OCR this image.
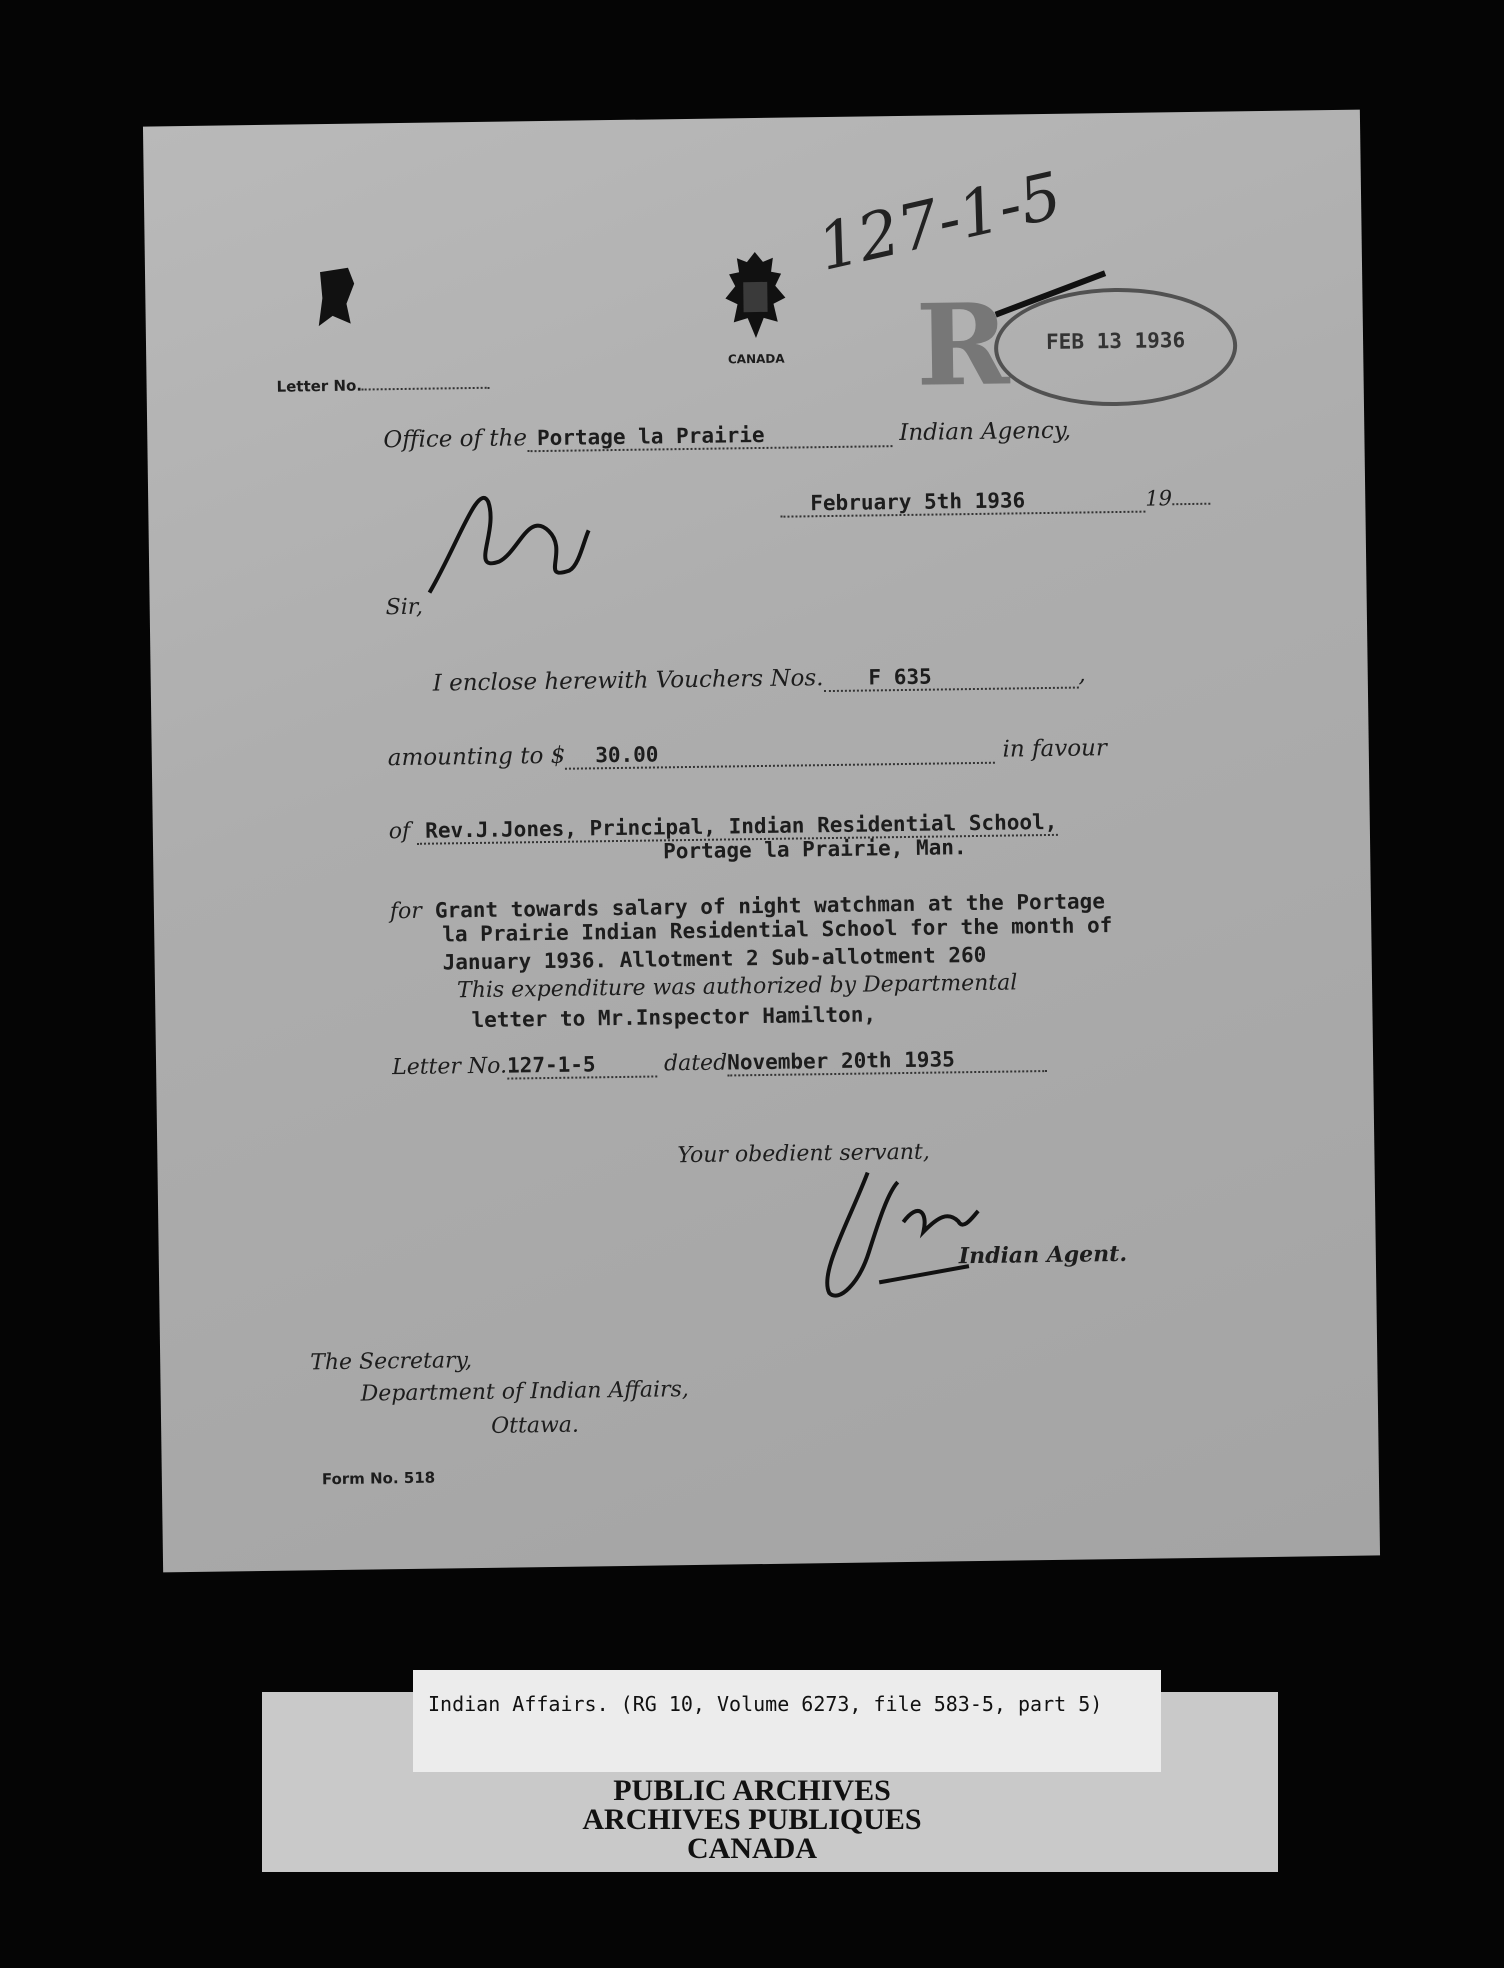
127-1-5
CANADA R FEB 13 1936
Letter No.
Office of the Portage la Prairie	Indian Agency,
February 5th 1936	19
Sir,
I enclose herewith Vouchers Nos. F 635	,
amounting to $ 30.00	in favour
of Rev.J.Jones, Principal, Indian Residential School,
Portage la Prairie, Man.
for Grant towards salary of night watchman at the Portage
la Prairie Indian Residential School for the month of
January 1936. Allotment 2 Sub-allotment 260
This expenditure was authorized by Departmental
letter to Mr.Inspector Hamilton,
Letter No.127-1-5	datedNovember 20th 1935
Your obedient servant,
Indian Agent.
The Secretary,
Department of Indian Affairs,
Ottawa.
Form No. 518
Indian Affairs. (RG 10, Volume 6273, file 583-5, part 5)
PUBLIC ARCHIVES
ARCHIVES PUBLIQUES
CANADA
